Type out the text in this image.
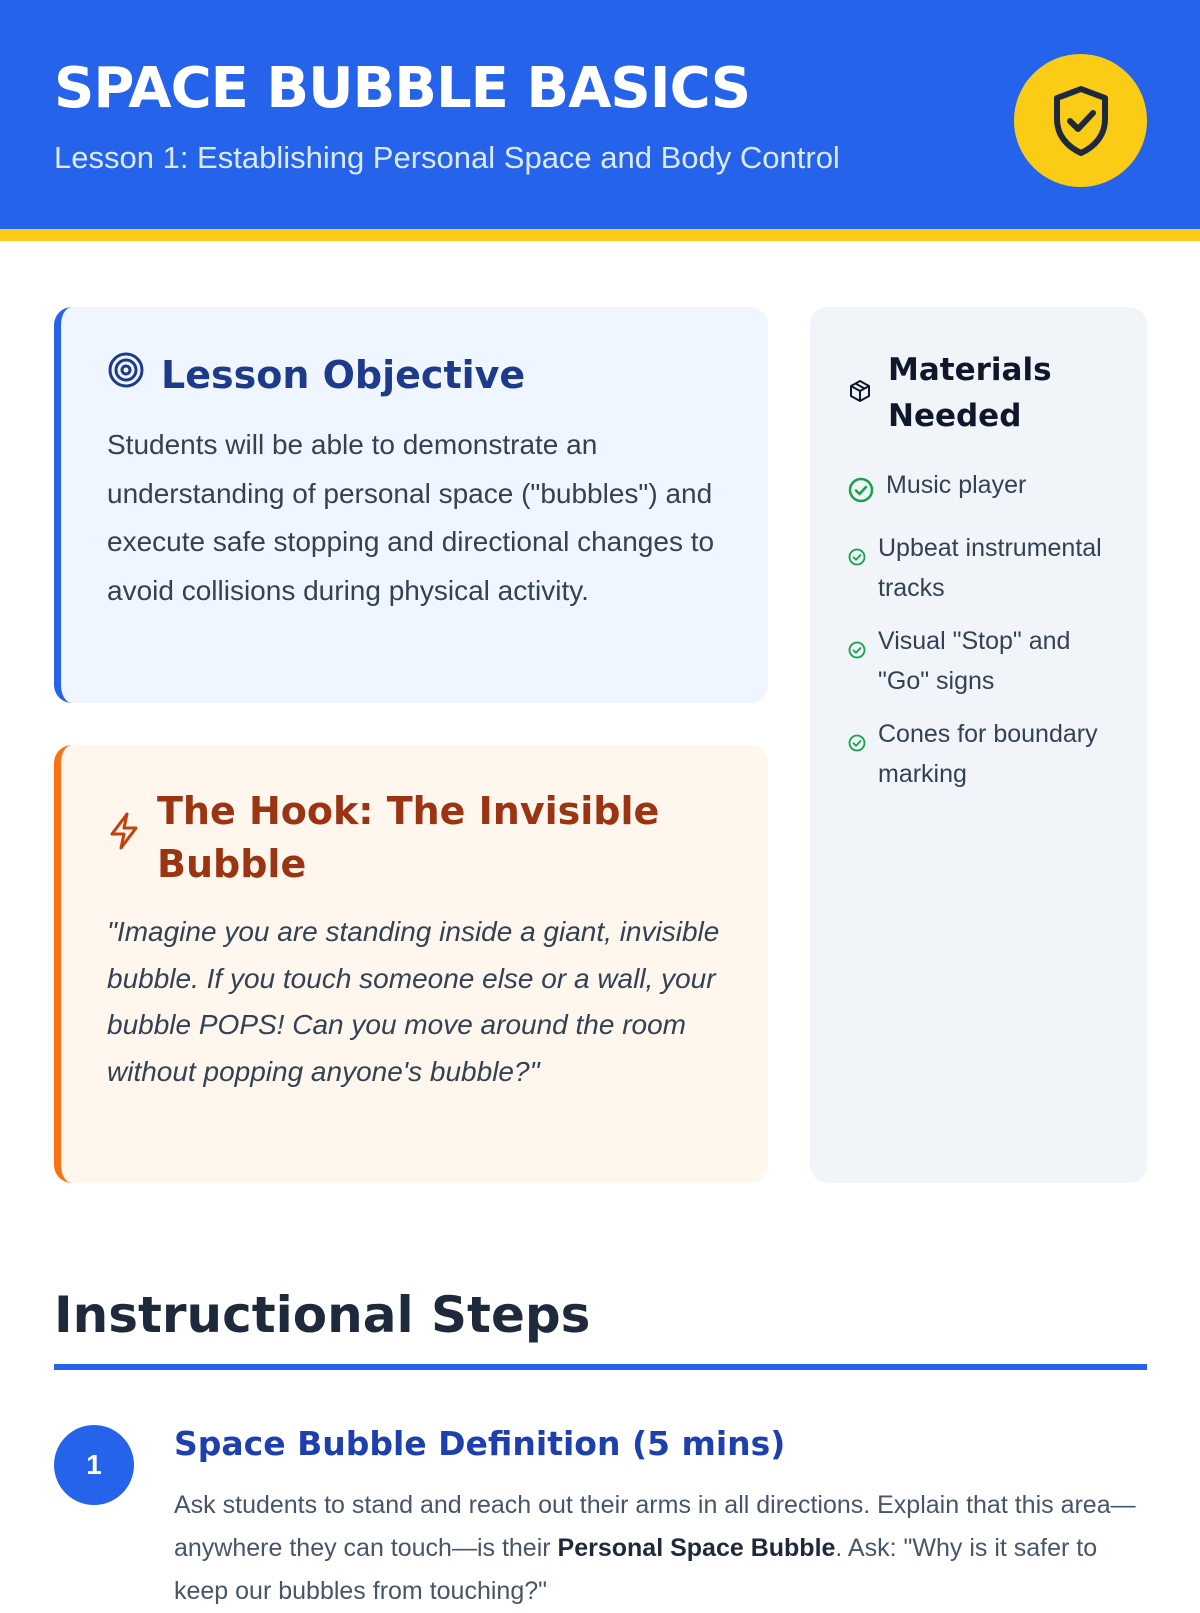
SPACE BUBBLE BASICS
Lesson 1: Establishing Personal Space and Body Control
Lesson Objective

Students will be able to demonstrate an understanding of personal space ("bubbles") and execute safe stopping and directional changes to avoid collisions during physical activity.

The Hook: The Invisible Bubble

"Imagine you are standing inside a giant, invisible bubble. If you touch someone else or a wall, your bubble POPS! Can you move around the room without popping anyone's bubble?"

Materials Needed
Music player
Upbeat instrumental tracks
Visual "Stop" and "Go" signs
Cones for boundary marking
Instructional Steps
1
Space Bubble Definition (5 mins)

Ask students to stand and reach out their arms in all directions. Explain that this area—anywhere they can touch—is their Personal Space Bubble. Ask: "Why is it safer to keep our bubbles from touching?"
